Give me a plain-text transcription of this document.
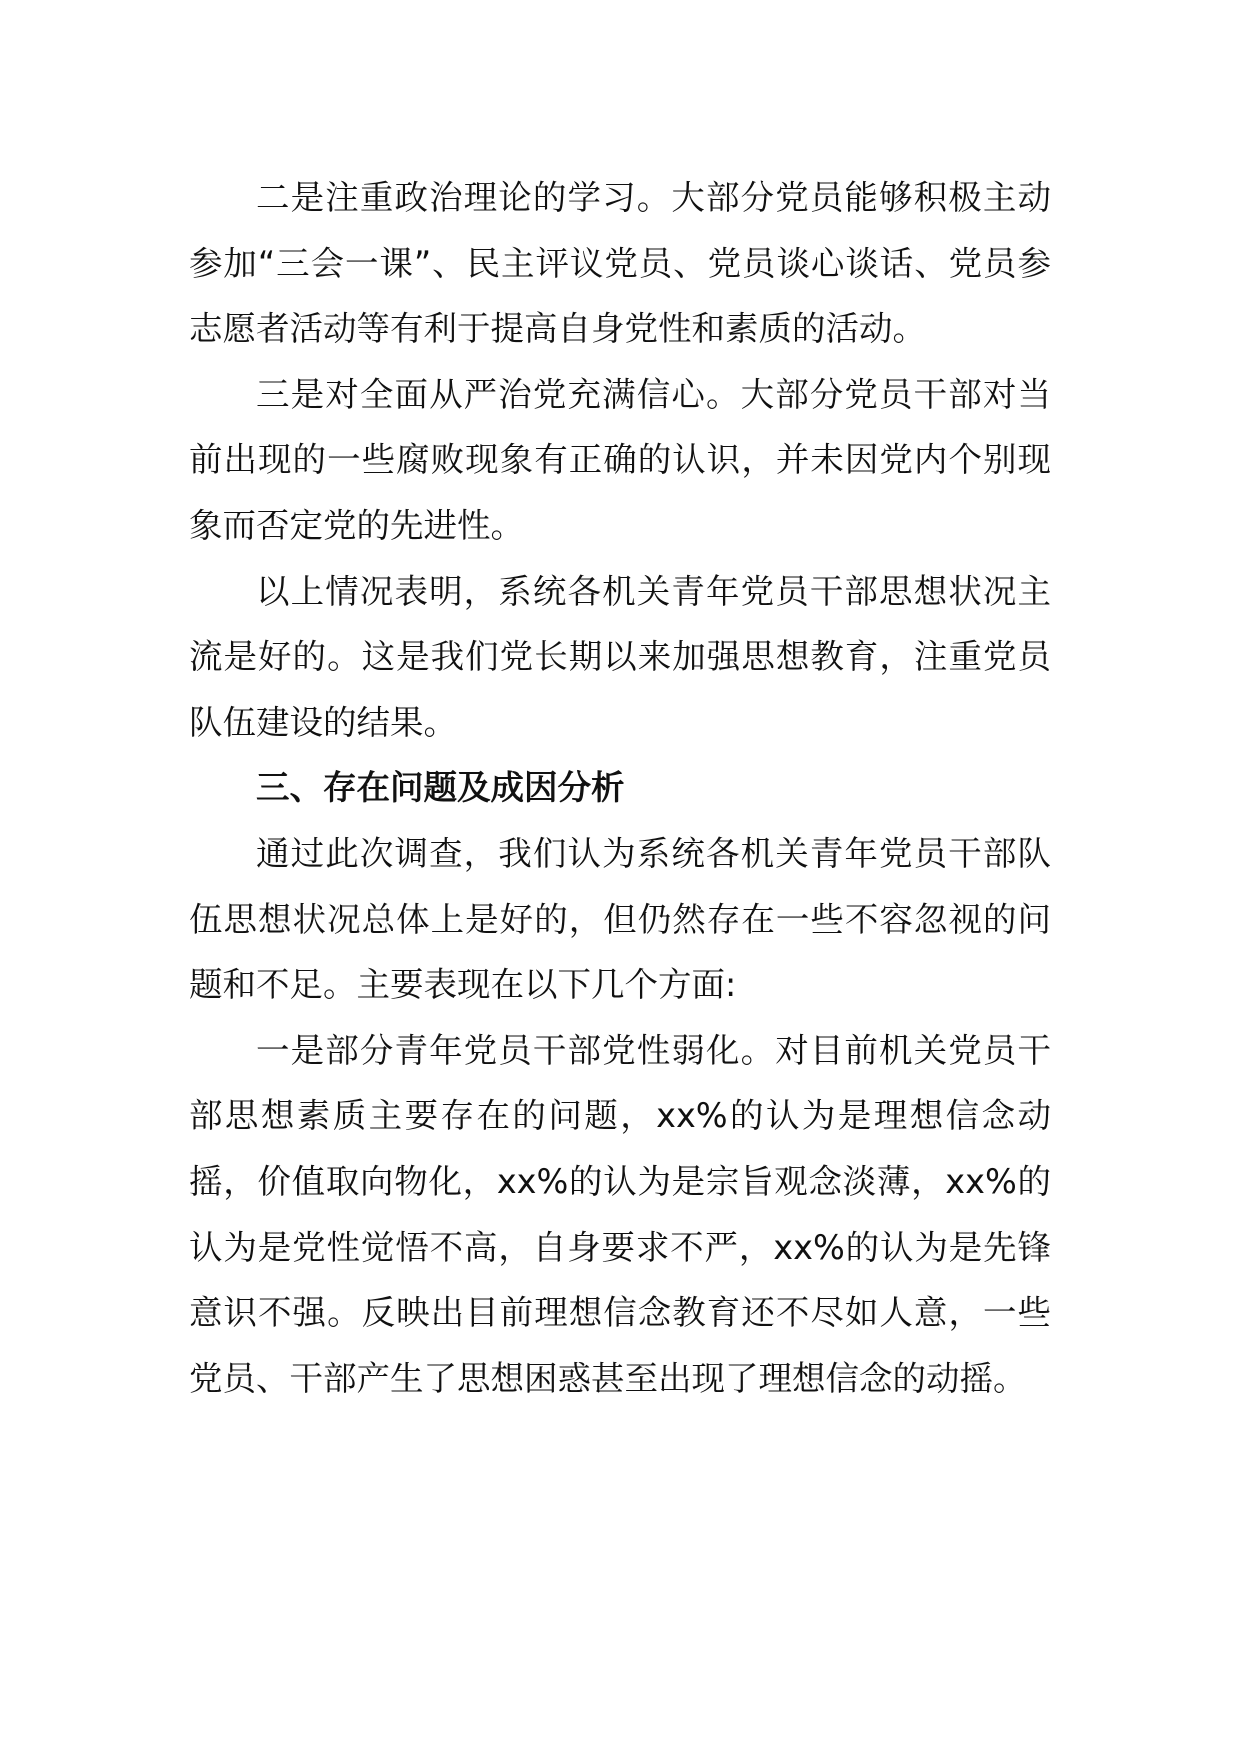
二是注重政治理论的学习。大部分党员能够积极主动参加“三会一课”、民主评议党员、党员谈心谈话、党员参志愿者活动等有利于提高自身党性和素质的活动。

三是对全面从严治党充满信心。大部分党员干部对当前出现的一些腐败现象有正确的认识，并未因党内个别现象而否定党的先进性。

以上情况表明，系统各机关青年党员干部思想状况主流是好的。这是我们党长期以来加强思想教育，注重党员队伍建设的结果。

三、存在问题及成因分析

通过此次调查，我们认为系统各机关青年党员干部队伍思想状况总体上是好的，但仍然存在一些不容忽视的问题和不足。主要表现在以下几个方面:

一是部分青年党员干部党性弱化。对目前机关党员干部思想素质主要存在的问题，xx%的认为是理想信念动摇，价值取向物化，xx%的认为是宗旨观念淡薄，xx%的认为是党性觉悟不高，自身要求不严，xx%的认为是先锋意识不强。反映出目前理想信念教育还不尽如人意，一些党员、干部产生了思想困惑甚至出现了理想信念的动摇。
